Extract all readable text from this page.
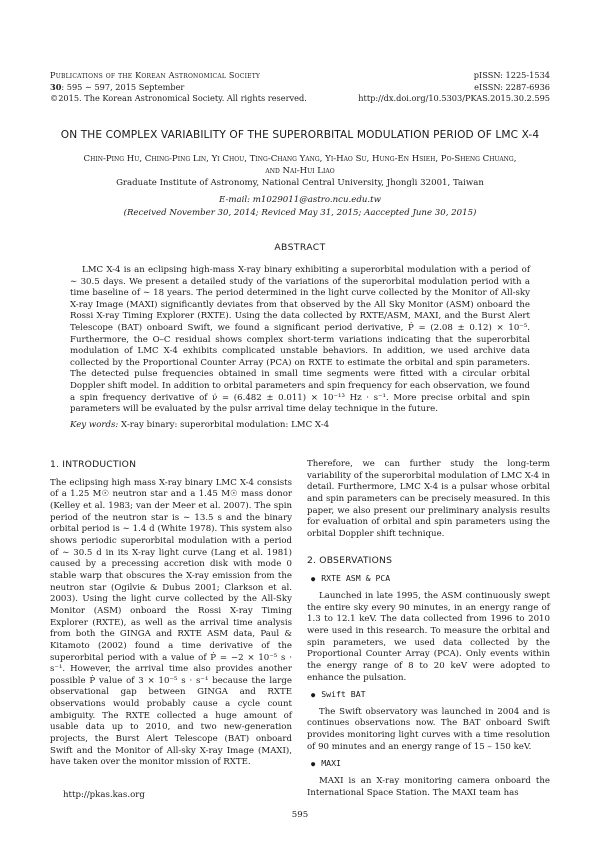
Publications of the Korean Astronomical Society
30: 595 ∼ 597, 2015 September
©2015. The Korean Astronomical Society. All rights reserved.
pISSN: 1225-1534
eISSN: 2287-6936
http://dx.doi.org/10.5303/PKAS.2015.30.2.595
ON THE COMPLEX VARIABILITY OF THE SUPERORBITAL MODULATION PERIOD OF LMC X-4
Chin-Ping Hu, Ching-Ping Lin, Yi Chou, Ting-Chang Yang, Yi-Hao Su, Hung-En Hsieh, Po-Sheng Chuang,
and Nai-Hui Liao
Graduate Institute of Astronomy, National Central University, Jhongli 32001, Taiwan
E-mail: m1029011@astro.ncu.edu.tw
(Received November 30, 2014; Reviced May 31, 2015; Aaccepted June 30, 2015)
ABSTRACT
LMC X-4 is an eclipsing high-mass X-ray binary exhibiting a superorbital modulation with a period of ∼ 30.5 days. We present a detailed study of the variations of the superorbital modulation period with a time baseline of ∼ 18 years. The period determined in the light curve collected by the Monitor of All-sky X-ray Image (MAXI) significantly deviates from that observed by the All Sky Monitor (ASM) onboard the Rossi X-ray Timing Explorer (RXTE). Using the data collected by RXTE/ASM, MAXI, and the Burst Alert Telescope (BAT) onboard Swift, we found a significant period derivative, Ṗ = (2.08 ± 0.12) × 10⁻⁵. Furthermore, the O–C residual shows complex short-term variations indicating that the superorbital modulation of LMC X-4 exhibits complicated unstable behaviors. In addition, we used archive data collected by the Proportional Counter Array (PCA) on RXTE to estimate the orbital and spin parameters. The detected pulse frequencies obtained in small time segments were fitted with a circular orbital Doppler shift model. In addition to orbital parameters and spin frequency for each observation, we found a spin frequency derivative of ν̇ = (6.482 ± 0.011) × 10⁻¹³ Hz · s⁻¹. More precise orbital and spin parameters will be evaluated by the pulsr arrival time delay technique in the future.
Key words: X-ray binary: superorbital modulation: LMC X-4
1. INTRODUCTION

The eclipsing high mass X-ray binary LMC X-4 consists of a 1.25 M☉ neutron star and a 1.45 M☉ mass donor (Kelley et al. 1983; van der Meer et al. 2007). The spin period of the neutron star is ∼ 13.5 s and the binary orbital period is ∼ 1.4 d (White 1978). This system also shows periodic superorbital modulation with a period of ∼ 30.5 d in its X-ray light curve (Lang et al. 1981) caused by a precessing accretion disk with mode 0 stable warp that obscures the X-ray emission from the neutron star (Ogilvie & Dubus 2001; Clarkson et al. 2003). Using the light curve collected by the All-Sky Monitor (ASM) onboard the Rossi X-ray Timing Explorer (RXTE), as well as the arrival time analysis from both the GINGA and RXTE ASM data, Paul & Kitamoto (2002) found a time derivative of the superorbital period with a value of Ṗ = −2 × 10⁻⁵ s · s⁻¹. However, the arrival time also provides another possible Ṗ value of 3 × 10⁻⁵ s · s⁻¹ because the large observational gap between GINGA and RXTE observations would probably cause a cycle count ambiguity. The RXTE collected a huge amount of usable data up to 2010, and two new-generation projects, the Burst Alert Telescope (BAT) onboard Swift and the Monitor of All-sky X-ray Image (MAXI), have taken over the monitor mission of RXTE.

Therefore, we can further study the long-term variability of the superorbital modulation of LMC X-4 in detail. Furthermore, LMC X-4 is a pulsar whose orbital and spin parameters can be precisely measured. In this paper, we also present our preliminary analysis results for evaluation of orbital and spin parameters using the orbital Doppler shift technique.

2. OBSERVATIONS
● RXTE ASM & PCA

Launched in late 1995, the ASM continuously swept the entire sky every 90 minutes, in an energy range of 1.3 to 12.1 keV. The data collected from 1996 to 2010 were used in this research. To measure the orbital and spin parameters, we used data collected by the Proportional Counter Array (PCA). Only events within the energy range of 8 to 20 keV were adopted to enhance the pulsation.

● Swift BAT

The Swift observatory was launched in 2004 and is continues observations now. The BAT onboard Swift provides monitoring light curves with a time resolution of 90 minutes and an energy range of 15 – 150 keV.

● MAXI

MAXI is an X-ray monitoring camera onboard the International Space Station. The MAXI team has

http://pkas.kas.org
595
